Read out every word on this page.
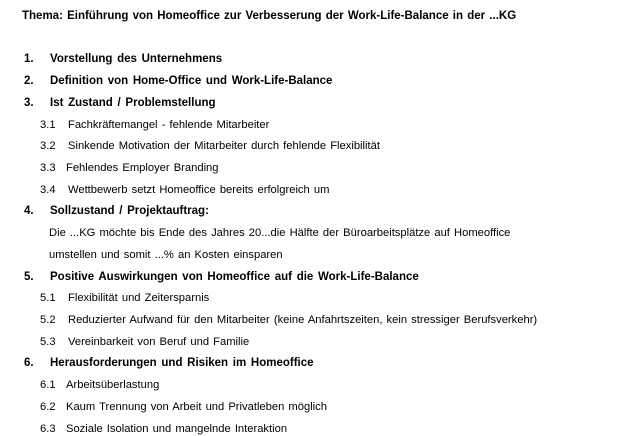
Thema: Einführung von Homeoffice zur Verbesserung der Work-Life-Balance in der ...KG
1. Vorstellung des Unternehmens
2. Definition von Home-Office und Work-Life-Balance
3. Ist Zustand / Problemstellung
3.1 Fachkräftemangel - fehlende Mitarbeiter
3.2 Sinkende Motivation der Mitarbeiter durch fehlende Flexibilität
3.3 Fehlendes Employer Branding
3.4 Wettbewerb setzt Homeoffice bereits erfolgreich um
4. Sollzustand / Projektauftrag:
Die ...KG möchte bis Ende des Jahres 20...die Hälfte der Büroarbeitsplätze auf Homeoffice
umstellen und somit ...% an Kosten einsparen
5. Positive Auswirkungen von Homeoffice auf die Work-Life-Balance
5.1 Flexibilität und Zeitersparnis
5.2 Reduzierter Aufwand für den Mitarbeiter (keine Anfahrtszeiten, kein stressiger Berufsverkehr)
5.3 Vereinbarkeit von Beruf und Familie
6. Herausforderungen und Risiken im Homeoffice
6.1 Arbeitsüberlastung
6.2 Kaum Trennung von Arbeit und Privatleben möglich
6.3 Soziale Isolation und mangelnde Interaktion
